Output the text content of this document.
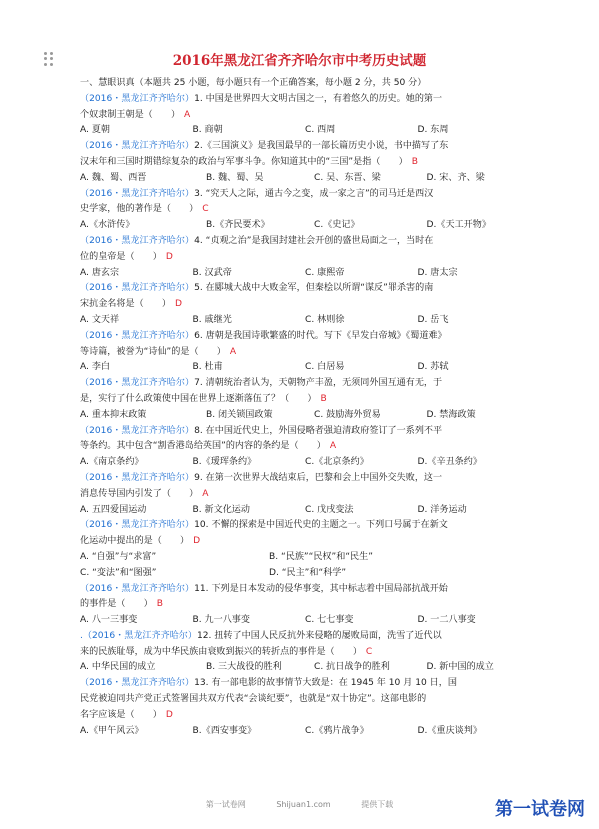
2016年黑龙江省齐齐哈尔市中考历史试题
一、慧眼识真（本题共 25 小题，每小题只有一个正确答案，每小题 2 分，共 50 分）
（2016・黑龙江齐齐哈尔）1. 中国是世界四大文明古国之一，有着悠久的历史。她的第一
个奴隶制王朝是（　　） A
A. 夏朝	B. 商朝	C. 西周	D. 东周
（2016・黑龙江齐齐哈尔）2.《三国演义》是我国最早的一部长篇历史小说，书中描写了东
汉末年和三国时期错综复杂的政治与军事斗争。你知道其中的“三国”是指（　　） B
A. 魏、蜀、西晋	B. 魏、蜀、吴	C. 吴、东晋、梁	D. 宋、齐、梁
（2016・黑龙江齐齐哈尔）3. “究天人之际，通古今之变，成一家之言”的司马迁是西汉
史学家，他的著作是（　　） C
A.《水浒传》	B.《齐民要术》	C.《史记》	D.《天工开物》
（2016・黑龙江齐齐哈尔）4. “贞观之治”是我国封建社会开创的盛世局面之一，当时在
位的皇帝是（　　） D
A. 唐玄宗	B. 汉武帝	C. 康熙帝	D. 唐太宗
（2016・黑龙江齐齐哈尔）5. 在郾城大战中大败金军，但秦桧以所谓“谋反”罪杀害的南
宋抗金名将是（　　） D
A. 文天祥	B. 戚继光	C. 林则徐	D. 岳飞
（2016・黑龙江齐齐哈尔）6. 唐朝是我国诗歌繁盛的时代。写下《早发白帝城》《蜀道难》
等诗篇，被誉为“诗仙”的是（　　） A
A. 李白	B. 杜甫	C. 白居易	D. 苏轼
（2016・黑龙江齐齐哈尔）7. 清朝统治者认为，天朝物产丰盈，无须同外国互通有无，于
是，实行了什么政策使中国在世界上逐渐落伍了？（　　） B
A. 重本抑末政策	B. 闭关锁国政策	C. 鼓励海外贸易	D. 禁海政策
（2016・黑龙江齐齐哈尔）8. 在中国近代史上，外国侵略者强迫清政府签订了一系列不平
等条约。其中包含“割香港岛给英国”的内容的条约是（　　） A
A.《南京条约》	B.《瑷珲条约》	C.《北京条约》	D.《辛丑条约》
（2016・黑龙江齐齐哈尔）9. 在第一次世界大战结束后，巴黎和会上中国外交失败，这一
消息传导国内引发了（　　） A
A. 五四爱国运动	B. 新文化运动	C. 戊戌变法	D. 洋务运动
（2016・黑龙江齐齐哈尔）10. 不懈的探索是中国近代史的主题之一。下列口号属于在新文
化运动中提出的是（　　） D
A. “自强”与“求富”	B. “民族”“民权”和“民生”
C. “变法”和“图强”	D. “民主”和“科学”
（2016・黑龙江齐齐哈尔）11. 下列是日本发动的侵华事变，其中标志着中国局部抗战开始
的事件是（　　） B
A. 八一三事变	B. 九一八事变	C. 七七事变	D. 一二八事变
.（2016・黑龙江齐齐哈尔）12. 扭转了中国人民反抗外来侵略的屡败局面，洗雪了近代以
来的民族耻辱，成为中华民族由衰败到振兴的转折点的事件是（　　） C
A. 中华民国的成立	B. 三大战役的胜利	C. 抗日战争的胜利	D. 新中国的成立
（2016・黑龙江齐齐哈尔）13. 有一部电影的故事情节大致是：在 1945 年 10 月 10 日，国
民党被迫同共产党正式签署国共双方代表“会谈纪要”，也就是“双十协定”。这部电影的
名字应该是（　　） D
A.《甲午风云》	B.《西安事变》	C.《鸦片战争》	D.《重庆谈判》
第一试卷网	Shijuan1.com	提供下载	第一试卷网
